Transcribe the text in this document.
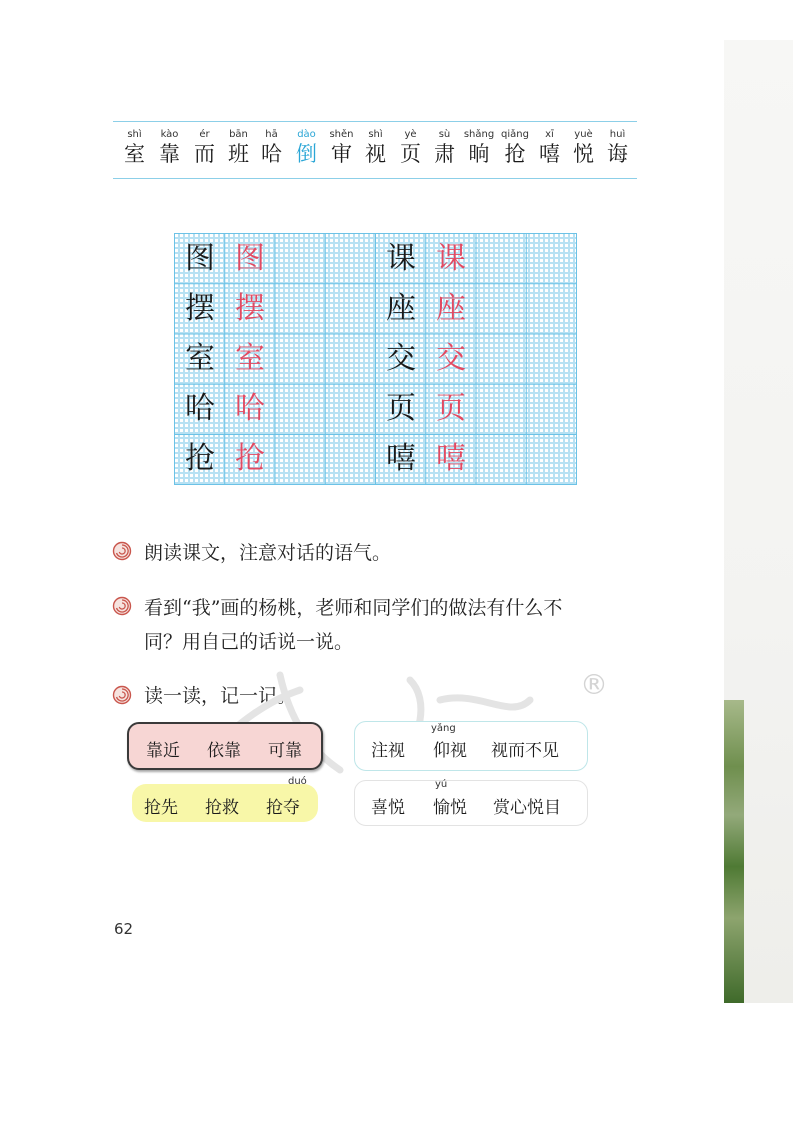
shì
室
kào
靠
ér
而
bān
班
hā
哈
dào
倒
shěn
审
shì
视
yè
页
sù
肃
shǎng
晌
qiǎng
抢
xī
嘻
yuè
悦
huì
诲
图 图
摆 摆
室 室
哈 哈
抢 抢
课 课
座 座
交 交
页 页
嘻 嘻
朗读课文，注意对话的语气。
看到“我”画的杨桃，老师和同学们的做法有什么不
同？用自己的话说一说。
读一读，记一记。	®
靠近 依靠 可靠
yǎng
注视 仰视 视而不见
duó
抢先 抢救 抢夺
yú
喜悦 愉悦 赏心悦目
62
